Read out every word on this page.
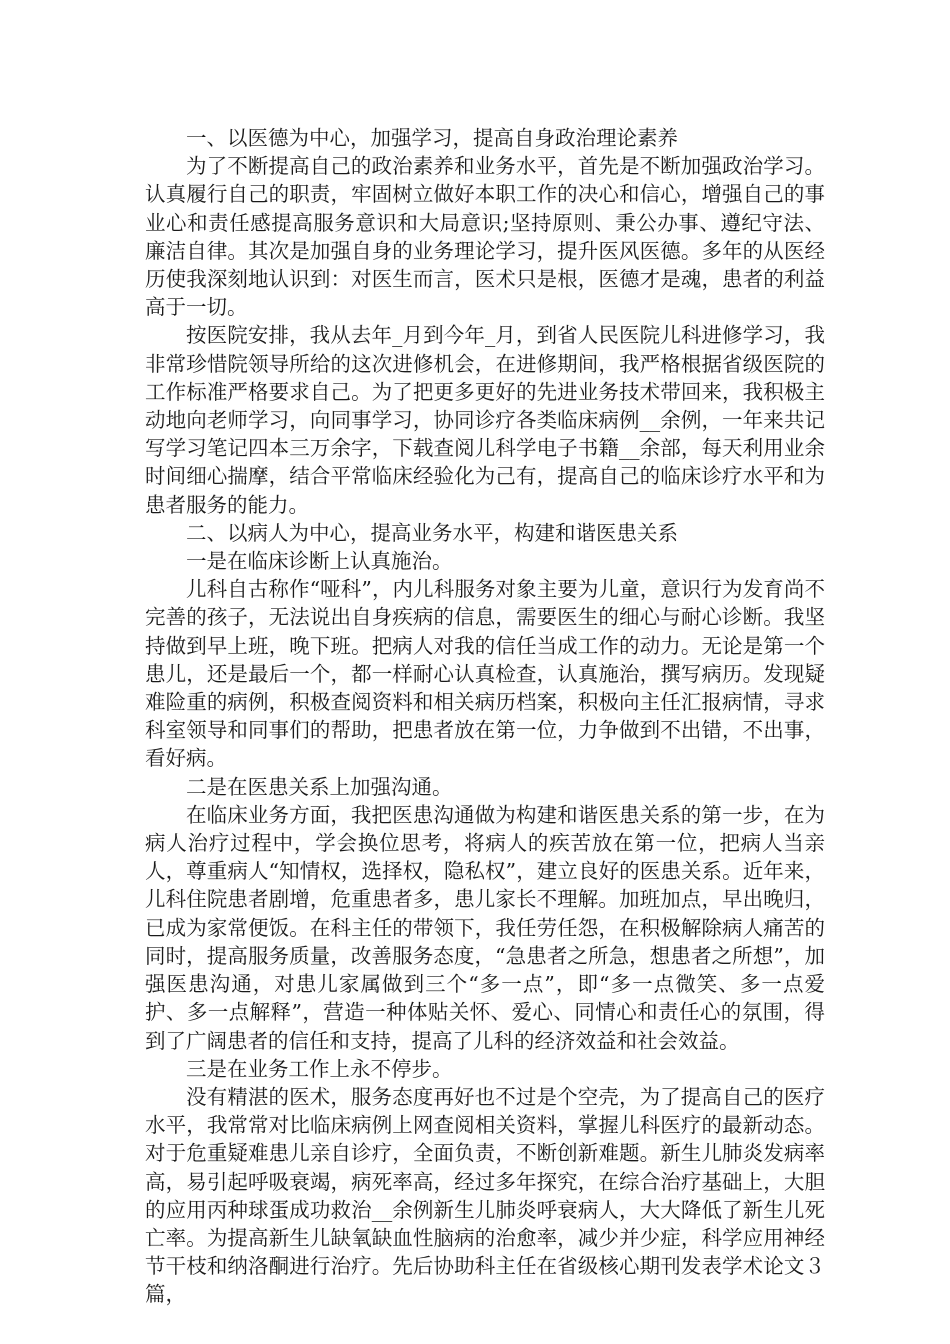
一、以医德为中心，加强学习，提高自身政治理论素养

为了不断提高自己的政治素养和业务水平，首先是不断加强政治学习。认真履行自己的职责，牢固树立做好本职工作的决心和信心，增强自己的事业心和责任感提高服务意识和大局意识;坚持原则、秉公办事、遵纪守法、廉洁自律。其次是加强自身的业务理论学习，提升医风医德。多年的从医经历使我深刻地认识到：对医生而言，医术只是根，医德才是魂，患者的利益高于一切。

按医院安排，我从去年_月到今年_月，到省人民医院儿科进修学习，我非常珍惜院领导所给的这次进修机会，在进修期间，我严格根据省级医院的工作标准严格要求自己。为了把更多更好的先进业务技术带回来，我积极主动地向老师学习，向同事学习，协同诊疗各类临床病例__余例，一年来共记写学习笔记四本三万余字，下载查阅儿科学电子书籍__余部，每天利用业余时间细心揣摩，结合平常临床经验化为己有，提高自己的临床诊疗水平和为患者服务的能力。

二、以病人为中心，提高业务水平，构建和谐医患关系

一是在临床诊断上认真施治。

儿科自古称作“哑科”，内儿科服务对象主要为儿童，意识行为发育尚不完善的孩子，无法说出自身疾病的信息，需要医生的细心与耐心诊断。我坚持做到早上班，晚下班。把病人对我的信任当成工作的动力。无论是第一个患儿，还是最后一个，都一样耐心认真检查，认真施治，撰写病历。发现疑难险重的病例，积极查阅资料和相关病历档案，积极向主任汇报病情，寻求科室领导和同事们的帮助，把患者放在第一位，力争做到不出错，不出事，看好病。

二是在医患关系上加强沟通。

在临床业务方面，我把医患沟通做为构建和谐医患关系的第一步，在为病人治疗过程中，学会换位思考，将病人的疾苦放在第一位，把病人当亲人，尊重病人“知情权，选择权，隐私权”，建立良好的医患关系。近年来，儿科住院患者剧增，危重患者多，患儿家长不理解。加班加点，早出晚归，已成为家常便饭。在科主任的带领下，我任劳任怨，在积极解除病人痛苦的同时，提高服务质量，改善服务态度，“急患者之所急，想患者之所想”，加强医患沟通，对患儿家属做到三个“多一点”，即“多一点微笑、多一点爱护、多一点解释”，营造一种体贴关怀、爱心、同情心和责任心的氛围，得到了广阔患者的信任和支持，提高了儿科的经济效益和社会效益。

三是在业务工作上永不停步。

没有精湛的医术，服务态度再好也不过是个空壳，为了提高自己的医疗水平，我常常对比临床病例上网查阅相关资料，掌握儿科医疗的最新动态。对于危重疑难患儿亲自诊疗，全面负责，不断创新难题。新生儿肺炎发病率高，易引起呼吸衰竭，病死率高，经过多年探究，在综合治疗基础上，大胆的应用丙种球蛋成功救治__余例新生儿肺炎呼衰病人，大大降低了新生儿死亡率。为提高新生儿缺氧缺血性脑病的治愈率，减少并少症，科学应用神经节干枝和纳洛酮进行治疗。先后协助科主任在省级核心期刊发表学术论文３篇，
